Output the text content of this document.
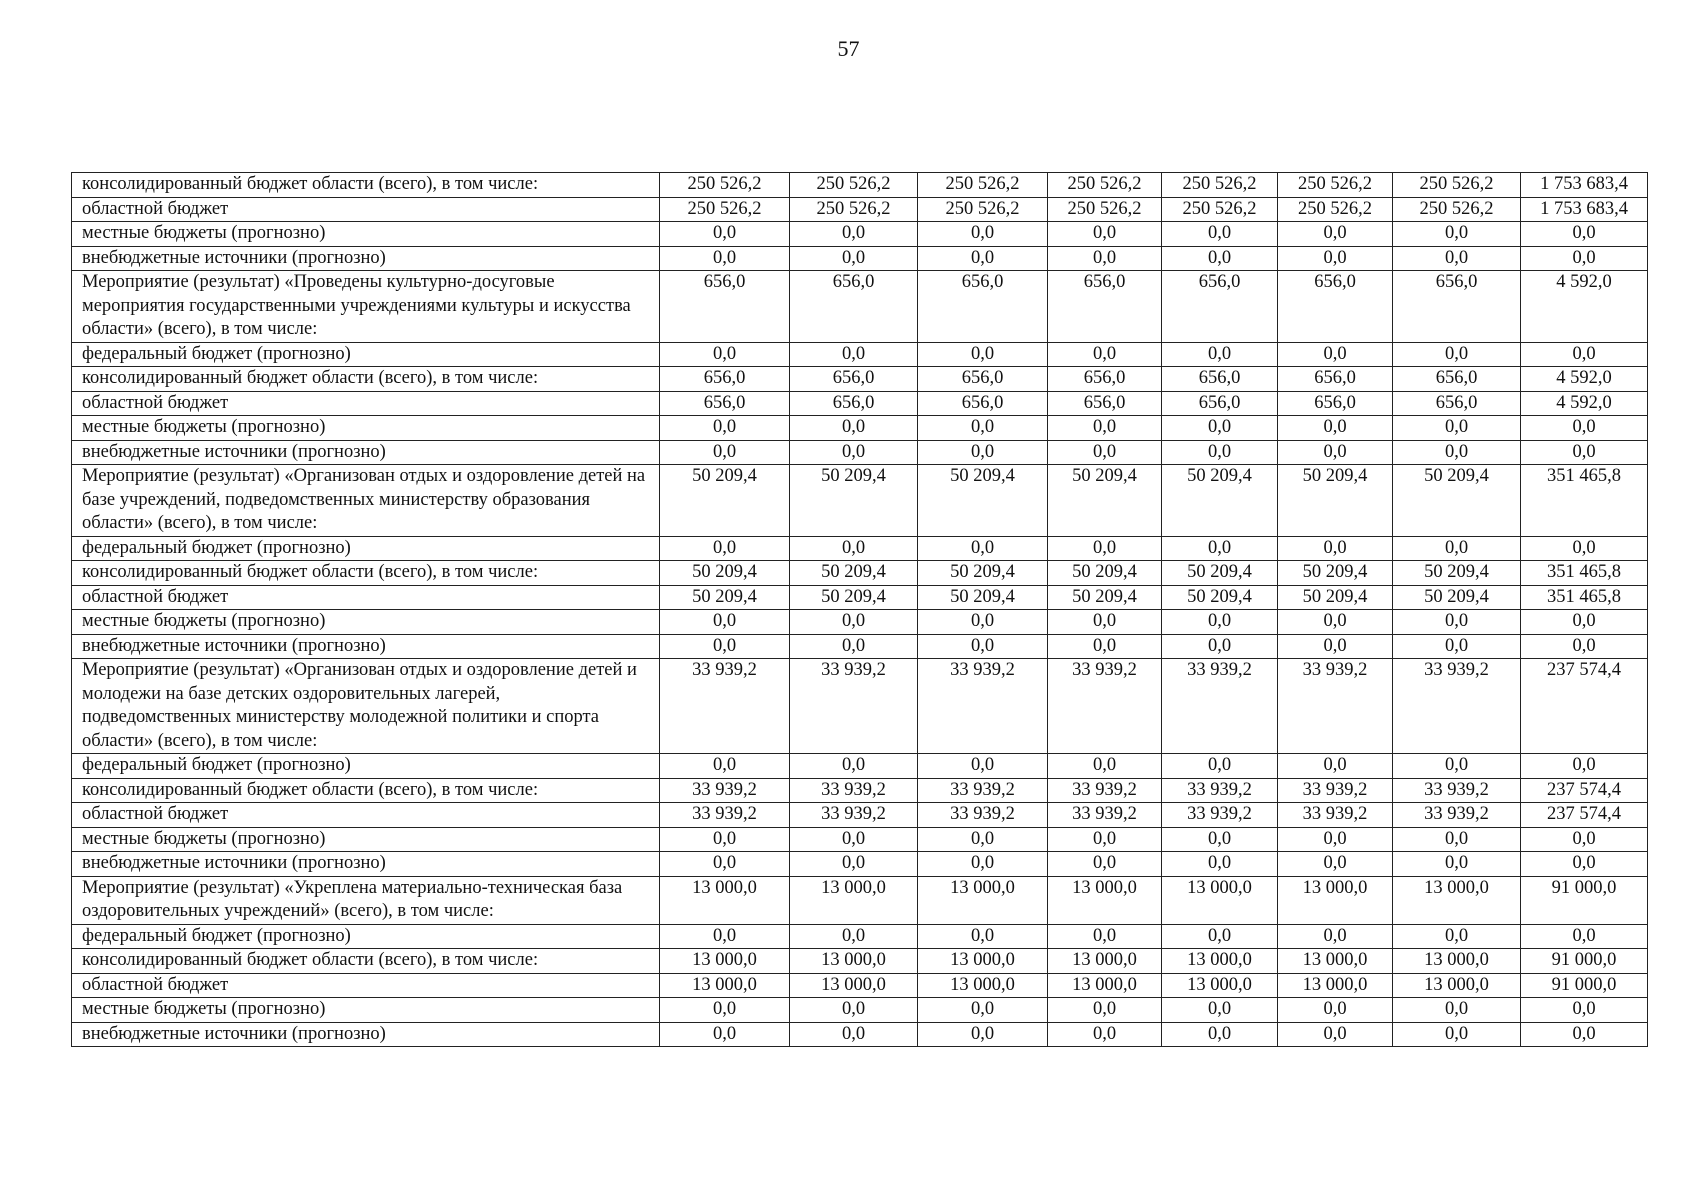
57
консолидированный бюджет области (всего), в том числе:	250 526,2	250 526,2	250 526,2	250 526,2	250 526,2	250 526,2	250 526,2	1 753 683,4
областной бюджет	250 526,2	250 526,2	250 526,2	250 526,2	250 526,2	250 526,2	250 526,2	1 753 683,4
местные бюджеты (прогнозно)	0,0	0,0	0,0	0,0	0,0	0,0	0,0	0,0
внебюджетные источники (прогнозно)	0,0	0,0	0,0	0,0	0,0	0,0	0,0	0,0
Мероприятие (результат) «Проведены культурно-досуговые мероприятия государственными учреждениями культуры и искусства области» (всего), в том числе:	656,0	656,0	656,0	656,0	656,0	656,0	656,0	4 592,0
федеральный бюджет (прогнозно)	0,0	0,0	0,0	0,0	0,0	0,0	0,0	0,0
консолидированный бюджет области (всего), в том числе:	656,0	656,0	656,0	656,0	656,0	656,0	656,0	4 592,0
областной бюджет	656,0	656,0	656,0	656,0	656,0	656,0	656,0	4 592,0
местные бюджеты (прогнозно)	0,0	0,0	0,0	0,0	0,0	0,0	0,0	0,0
внебюджетные источники (прогнозно)	0,0	0,0	0,0	0,0	0,0	0,0	0,0	0,0
Мероприятие (результат) «Организован отдых и оздоровление детей на базе учреждений, подведомственных министерству образования области» (всего), в том числе:	50 209,4	50 209,4	50 209,4	50 209,4	50 209,4	50 209,4	50 209,4	351 465,8
федеральный бюджет (прогнозно)	0,0	0,0	0,0	0,0	0,0	0,0	0,0	0,0
консолидированный бюджет области (всего), в том числе:	50 209,4	50 209,4	50 209,4	50 209,4	50 209,4	50 209,4	50 209,4	351 465,8
областной бюджет	50 209,4	50 209,4	50 209,4	50 209,4	50 209,4	50 209,4	50 209,4	351 465,8
местные бюджеты (прогнозно)	0,0	0,0	0,0	0,0	0,0	0,0	0,0	0,0
внебюджетные источники (прогнозно)	0,0	0,0	0,0	0,0	0,0	0,0	0,0	0,0
Мероприятие (результат) «Организован отдых и оздоровление детей и молодежи на базе детских оздоровительных лагерей, подведомственных министерству молодежной политики и спорта области» (всего), в том числе:	33 939,2	33 939,2	33 939,2	33 939,2	33 939,2	33 939,2	33 939,2	237 574,4
федеральный бюджет (прогнозно)	0,0	0,0	0,0	0,0	0,0	0,0	0,0	0,0
консолидированный бюджет области (всего), в том числе:	33 939,2	33 939,2	33 939,2	33 939,2	33 939,2	33 939,2	33 939,2	237 574,4
областной бюджет	33 939,2	33 939,2	33 939,2	33 939,2	33 939,2	33 939,2	33 939,2	237 574,4
местные бюджеты (прогнозно)	0,0	0,0	0,0	0,0	0,0	0,0	0,0	0,0
внебюджетные источники (прогнозно)	0,0	0,0	0,0	0,0	0,0	0,0	0,0	0,0
Мероприятие (результат) «Укреплена материально-техническая база оздоровительных учреждений» (всего), в том числе:	13 000,0	13 000,0	13 000,0	13 000,0	13 000,0	13 000,0	13 000,0	91 000,0
федеральный бюджет (прогнозно)	0,0	0,0	0,0	0,0	0,0	0,0	0,0	0,0
консолидированный бюджет области (всего), в том числе:	13 000,0	13 000,0	13 000,0	13 000,0	13 000,0	13 000,0	13 000,0	91 000,0
областной бюджет	13 000,0	13 000,0	13 000,0	13 000,0	13 000,0	13 000,0	13 000,0	91 000,0
местные бюджеты (прогнозно)	0,0	0,0	0,0	0,0	0,0	0,0	0,0	0,0
внебюджетные источники (прогнозно)	0,0	0,0	0,0	0,0	0,0	0,0	0,0	0,0
